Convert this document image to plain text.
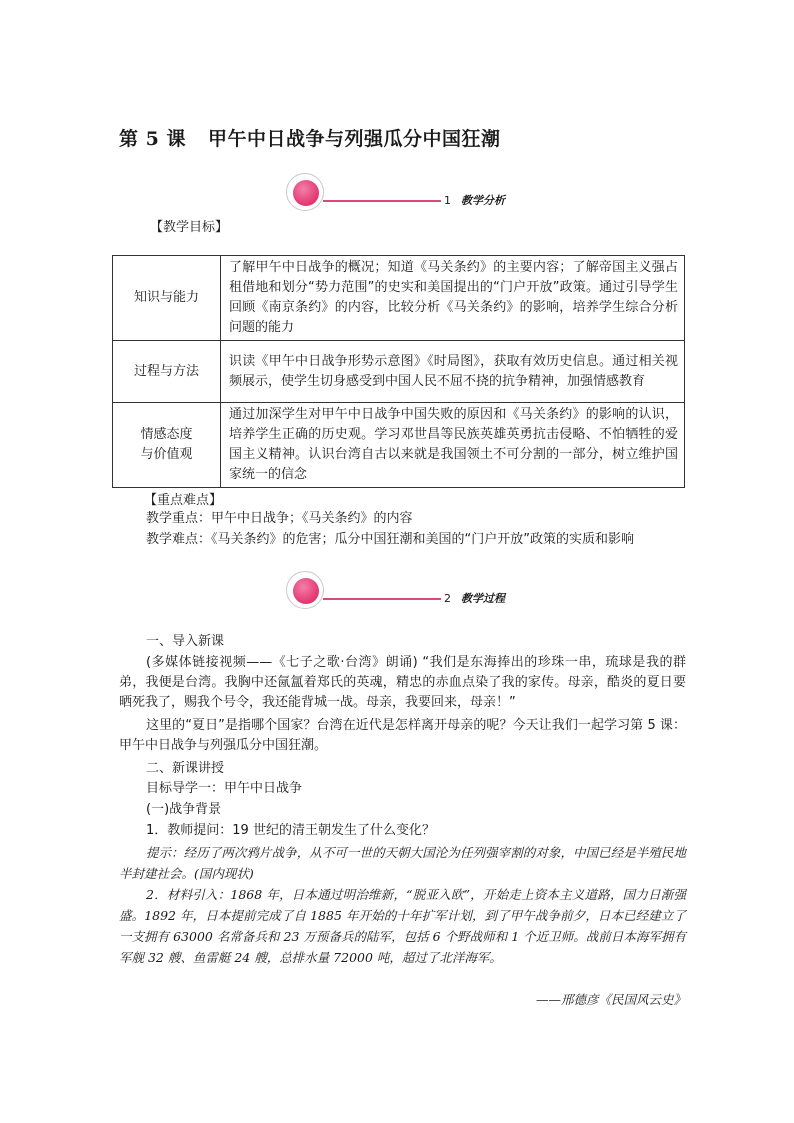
第 5 课 甲午中日战争与列强瓜分中国狂潮
1 教学分析
【教学目标】
知识与能力	了解甲午中日战争的概况；知道《马关条约》的主要内容；了解帝国主义强占租借地和划分“势力范围”的史实和美国提出的“门户开放”政策。通过引导学生回顾《南京条约》的内容，比较分析《马关条约》的影响，培养学生综合分析问题的能力
过程与方法	识读《甲午中日战争形势示意图》《时局图》，获取有效历史信息。通过相关视频展示，使学生切身感受到中国人民不屈不挠的抗争精神，加强情感教育
情感态度
与价值观	通过加深学生对甲午中日战争中国失败的原因和《马关条约》的影响的认识，培养学生正确的历史观。学习邓世昌等民族英雄英勇抗击侵略、不怕牺牲的爱国主义精神。认识台湾自古以来就是我国领土不可分割的一部分，树立维护国家统一的信念
【重点难点】
教学重点：甲午中日战争；《马关条约》的内容
教学难点：《马关条约》的危害；瓜分中国狂潮和美国的“门户开放”政策的实质和影响
2 教学过程
一、导入新课
(多媒体链接视频——《七子之歌·台湾》朗诵) “我们是东海捧出的珍珠一串，琉球是我的群弟，我便是台湾。我胸中还氤氲着郑氏的英魂，精忠的赤血点染了我的家传。母亲，酷炎的夏日要晒死我了，赐我个号令，我还能背城一战。母亲，我要回来，母亲！”
这里的“夏日”是指哪个国家？台湾在近代是怎样离开母亲的呢？今天让我们一起学习第 5 课：甲午中日战争与列强瓜分中国狂潮。
二、新课讲授
目标导学一：甲午中日战争
(一)战争背景
1．教师提问：19 世纪的清王朝发生了什么变化？
提示：经历了两次鸦片战争，从不可一世的天朝大国沦为任列强宰割的对象，中国已经是半殖民地半封建社会。(国内现状)
2．材料引入：1868 年，日本通过明治维新，“脱亚入欧”，开始走上资本主义道路，国力日渐强盛。1892 年，日本提前完成了自 1885 年开始的十年扩军计划，到了甲午战争前夕，日本已经建立了一支拥有 63000 名常备兵和 23 万预备兵的陆军，包括 6 个野战师和 1 个近卫师。战前日本海军拥有军舰 32 艘、鱼雷艇 24 艘，总排水量 72000 吨，超过了北洋海军。
——邢德彦《民国风云史》
